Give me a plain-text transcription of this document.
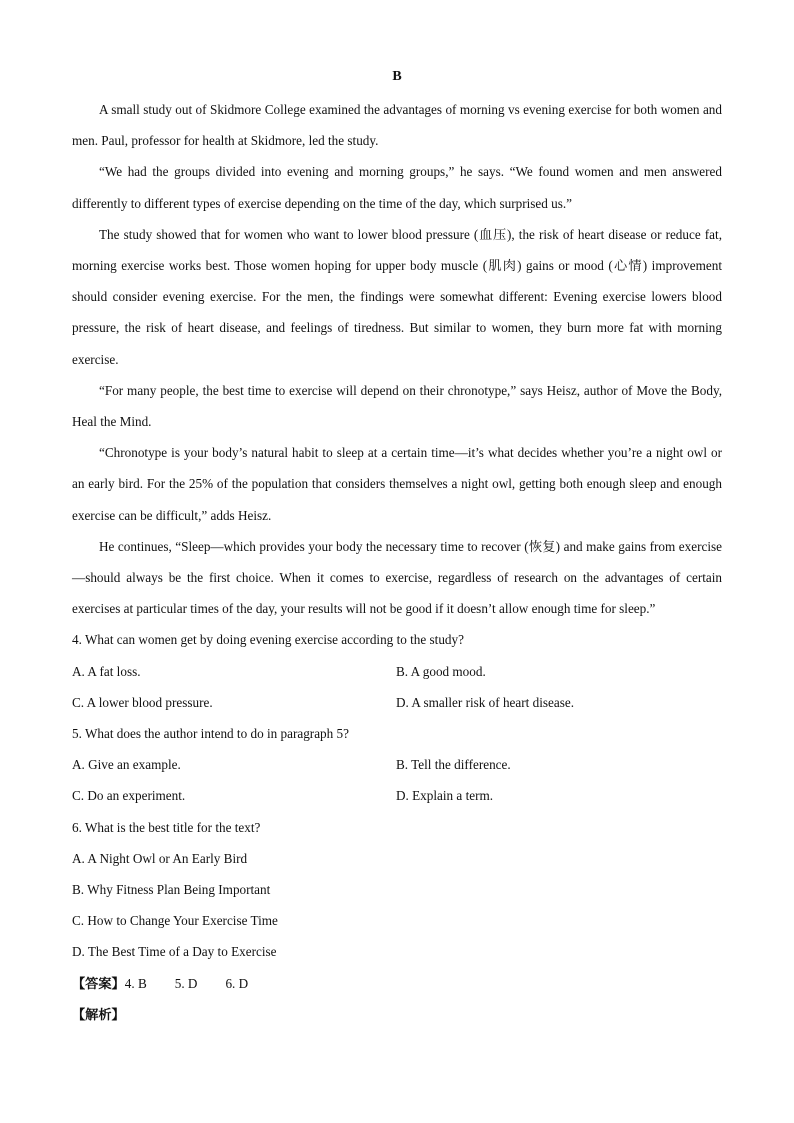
B

A small study out of Skidmore College examined the advantages of morning vs evening exercise for both women and men. Paul, professor for health at Skidmore, led the study.

“We had the groups divided into evening and morning groups,” he says. “We found women and men answered differently to different types of exercise depending on the time of the day, which surprised us.”

The study showed that for women who want to lower blood pressure (血压), the risk of heart disease or reduce fat, morning exercise works best. Those women hoping for upper body muscle (肌肉) gains or mood (心情) improvement should consider evening exercise. For the men, the findings were somewhat different: Evening exercise lowers blood pressure, the risk of heart disease, and feelings of tiredness. But similar to women, they burn more fat with morning exercise.

“For many people, the best time to exercise will depend on their chronotype,” says Heisz, author of Move the Body, Heal the Mind.

“Chronotype is your body’s natural habit to sleep at a certain time—it’s what decides whether you’re a night owl or an early bird. For the 25% of the population that considers themselves a night owl, getting both enough sleep and enough exercise can be difficult,” adds Heisz.

He continues, “Sleep—which provides your body the necessary time to recover (恢复) and make gains from exercise—should always be the first choice. When it comes to exercise, regardless of research on the advantages of certain exercises at particular times of the day, your results will not be good if it doesn’t allow enough time for sleep.”

4. What can women get by doing evening exercise according to the study?
A. A fat loss.	B. A good mood.
C. A lower blood pressure.	D. A smaller risk of heart disease.
5. What does the author intend to do in paragraph 5?
A. Give an example.	B. Tell the difference.
C. Do an experiment.	D. Explain a term.
6. What is the best title for the text?
A. A Night Owl or An Early Bird
B. Why Fitness Plan Being Important
C. How to Change Your Exercise Time
D. The Best Time of a Day to Exercise
【答案】4. B 5. D 6. D
【解析】
